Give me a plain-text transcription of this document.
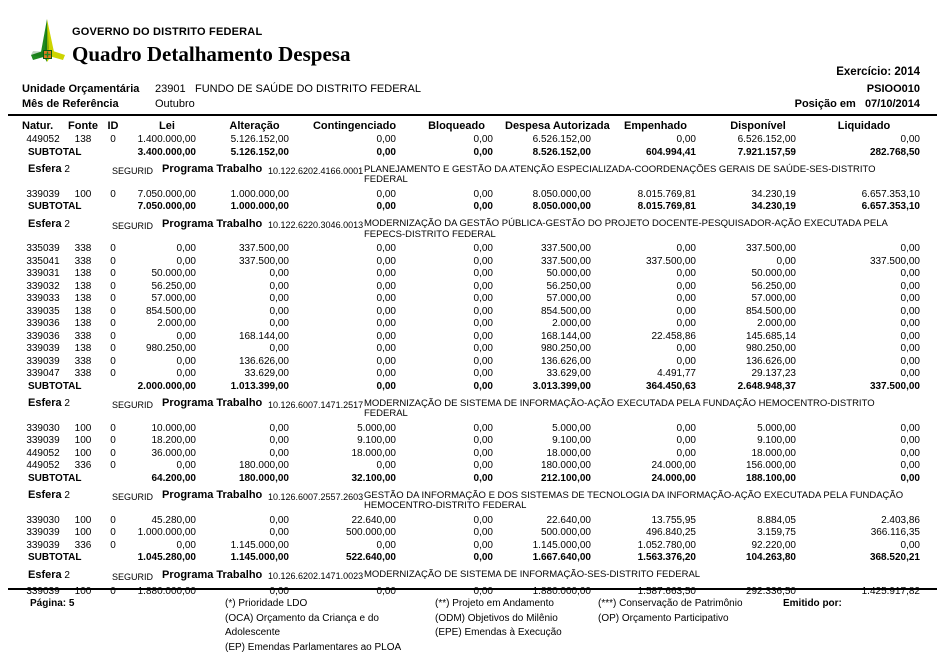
GOVERNO DO DISTRITO FEDERAL
Quadro Detalhamento Despesa
Exercício: 2014
Unidade Orçamentária	23901 FUNDO DE SAÚDE DO DISTRITO FEDERAL	PSIOO010
Mês de Referência	Outubro	Posição em 07/10/2014
Natur.	Fonte	ID	Lei	Alteração	Contingenciado	Bloqueado	Despesa Autorizada	Empenhado	Disponível	Liquidado
449052	138	0	1.400.000,00	5.126.152,00	0,00	0,00	6.526.152,00	0,00	6.526.152,00	0,00
SUBTOTAL			3.400.000,00	5.126.152,00	0,00	0,00	8.526.152,00	604.994,41	7.921.157,59	282.768,50

Esfera 2 SEGURID Programa Trabalho 10.122.6202.4166.0001 PLANEJAMENTO E GESTÃO DA ATENÇÃO ESPECIALIZADA-COORDENAÇÕES GERAIS DE SAÚDE-SES-DISTRITO FEDERAL										

339039	100	0	7.050.000,00	1.000.000,00	0,00	0,00	8.050.000,00	8.015.769,81	34.230,19	6.657.353,10
SUBTOTAL			7.050.000,00	1.000.000,00	0,00	0,00	8.050.000,00	8.015.769,81	34.230,19	6.657.353,10

Esfera 2 SEGURID Programa Trabalho 10.122.6220.3046.0013 MODERNIZAÇÃO DA GESTÃO PÚBLICA-GESTÃO DO PROJETO DOCENTE-PESQUISADOR-AÇÃO EXECUTADA PELA FEPECS-DISTRITO FEDERAL										

335039	338	0	0,00	337.500,00	0,00	0,00	337.500,00	0,00	337.500,00	0,00
335041	338	0	0,00	337.500,00	0,00	0,00	337.500,00	337.500,00	0,00	337.500,00
339031	138	0	50.000,00	0,00	0,00	0,00	50.000,00	0,00	50.000,00	0,00
339032	138	0	56.250,00	0,00	0,00	0,00	56.250,00	0,00	56.250,00	0,00
339033	138	0	57.000,00	0,00	0,00	0,00	57.000,00	0,00	57.000,00	0,00
339035	138	0	854.500,00	0,00	0,00	0,00	854.500,00	0,00	854.500,00	0,00
339036	138	0	2.000,00	0,00	0,00	0,00	2.000,00	0,00	2.000,00	0,00
339036	338	0	0,00	168.144,00	0,00	0,00	168.144,00	22.458,86	145.685,14	0,00
339039	138	0	980.250,00	0,00	0,00	0,00	980.250,00	0,00	980.250,00	0,00
339039	338	0	0,00	136.626,00	0,00	0,00	136.626,00	0,00	136.626,00	0,00
339047	338	0	0,00	33.629,00	0,00	0,00	33.629,00	4.491,77	29.137,23	0,00
SUBTOTAL			2.000.000,00	1.013.399,00	0,00	0,00	3.013.399,00	364.450,63	2.648.948,37	337.500,00

Esfera 2 SEGURID Programa Trabalho 10.126.6007.1471.2517 MODERNIZAÇÃO DE SISTEMA DE INFORMAÇÃO-AÇÃO EXECUTADA PELA FUNDAÇÃO HEMOCENTRO-DISTRITO FEDERAL										

339030	100	0	10.000,00	0,00	5.000,00	0,00	5.000,00	0,00	5.000,00	0,00
339039	100	0	18.200,00	0,00	9.100,00	0,00	9.100,00	0,00	9.100,00	0,00
449052	100	0	36.000,00	0,00	18.000,00	0,00	18.000,00	0,00	18.000,00	0,00
449052	336	0	0,00	180.000,00	0,00	0,00	180.000,00	24.000,00	156.000,00	0,00
SUBTOTAL			64.200,00	180.000,00	32.100,00	0,00	212.100,00	24.000,00	188.100,00	0,00

Esfera 2 SEGURID Programa Trabalho 10.126.6007.2557.2603 GESTÃO DA INFORMAÇÃO E DOS SISTEMAS DE TECNOLOGIA DA INFORMAÇÃO-AÇÃO EXECUTADA PELA FUNDAÇÃO HEMOCENTRO-DISTRITO FEDERAL										

339030	100	0	45.280,00	0,00	22.640,00	0,00	22.640,00	13.755,95	8.884,05	2.403,86
339039	100	0	1.000.000,00	0,00	500.000,00	0,00	500.000,00	496.840,25	3.159,75	366.116,35
339039	336	0	0,00	1.145.000,00	0,00	0,00	1.145.000,00	1.052.780,00	92.220,00	0,00
SUBTOTAL			1.045.280,00	1.145.000,00	522.640,00	0,00	1.667.640,00	1.563.376,20	104.263,80	368.520,21

Esfera 2 SEGURID Programa Trabalho 10.126.6202.1471.0023 MODERNIZAÇÃO DE SISTEMA DE INFORMAÇÃO-SES-DISTRITO FEDERAL										

339039	100	0	1.880.000,00	0,00	0,00	0,00	1.880.000,00	1.587.663,50	292.336,50	1.425.917,82
Página: 5	(*) Prioridade LDO
(OCA) Orçamento da Criança e do Adolescente
(EP) Emendas Parlamentares ao PLOA
(**) Projeto em Andamento
(ODM) Objetivos do Milênio
(EPE) Emendas à Execução
(***) Conservação de Patrimônio
(OP) Orçamento Participativo
Emitido por:
